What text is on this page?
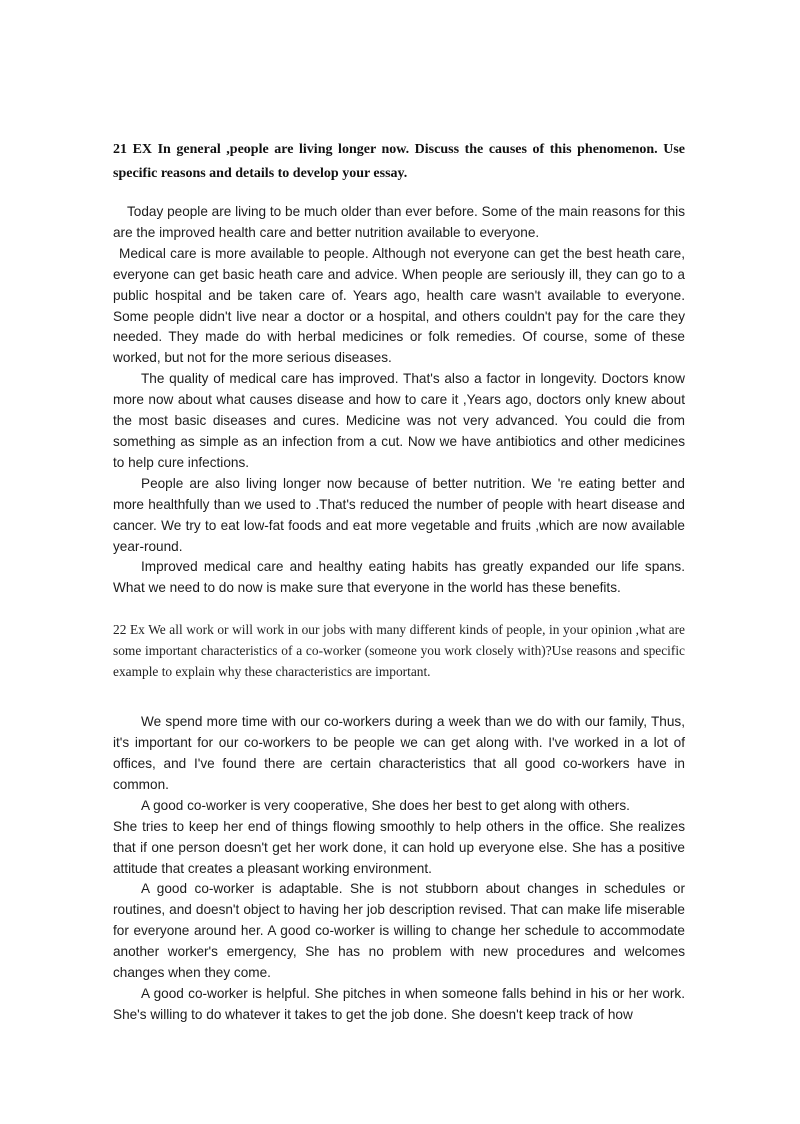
21 EX In general ,people are living longer now. Discuss the causes of this phenomenon. Use specific reasons and details to develop your essay.

Today people are living to be much older than ever before. Some of the main reasons for this are the improved health care and better nutrition available to everyone.

Medical care is more available to people. Although not everyone can get the best heath care, everyone can get basic heath care and advice. When people are seriously ill, they can go to a public hospital and be taken care of. Years ago, health care wasn't available to everyone. Some people didn't live near a doctor or a hospital, and others couldn't pay for the care they needed. They made do with herbal medicines or folk remedies. Of course, some of these worked, but not for the more serious diseases.

The quality of medical care has improved. That's also a factor in longevity. Doctors know more now about what causes disease and how to care it ,Years ago, doctors only knew about the most basic diseases and cures. Medicine was not very advanced. You could die from something as simple as an infection from a cut. Now we have antibiotics and other medicines to help cure infections.

People are also living longer now because of better nutrition. We 're eating better and more healthfully than we used to .That's reduced the number of people with heart disease and cancer. We try to eat low-fat foods and eat more vegetable and fruits ,which are now available year-round.

Improved medical care and healthy eating habits has greatly expanded our life spans. What we need to do now is make sure that everyone in the world has these benefits.

22 Ex We all work or will work in our jobs with many different kinds of people, in your opinion ,what are some important characteristics of a co-worker (someone you work closely with)?Use reasons and specific example to explain why these characteristics are important.

We spend more time with our co-workers during a week than we do with our family, Thus, it's important for our co-workers to be people we can get along with. I've worked in a lot of offices, and I've found there are certain characteristics that all good co-workers have in common.

A good co-worker is very cooperative, She does her best to get along with others.

She tries to keep her end of things flowing smoothly to help others in the office. She realizes that if one person doesn't get her work done, it can hold up everyone else. She has a positive attitude that creates a pleasant working environment.

A good co-worker is adaptable. She is not stubborn about changes in schedules or routines, and doesn't object to having her job description revised. That can make life miserable for everyone around her. A good co-worker is willing to change her schedule to accommodate another worker's emergency, She has no problem with new procedures and welcomes changes when they come.

A good co-worker is helpful. She pitches in when someone falls behind in his or her work. She's willing to do whatever it takes to get the job done. She doesn't keep track of how
